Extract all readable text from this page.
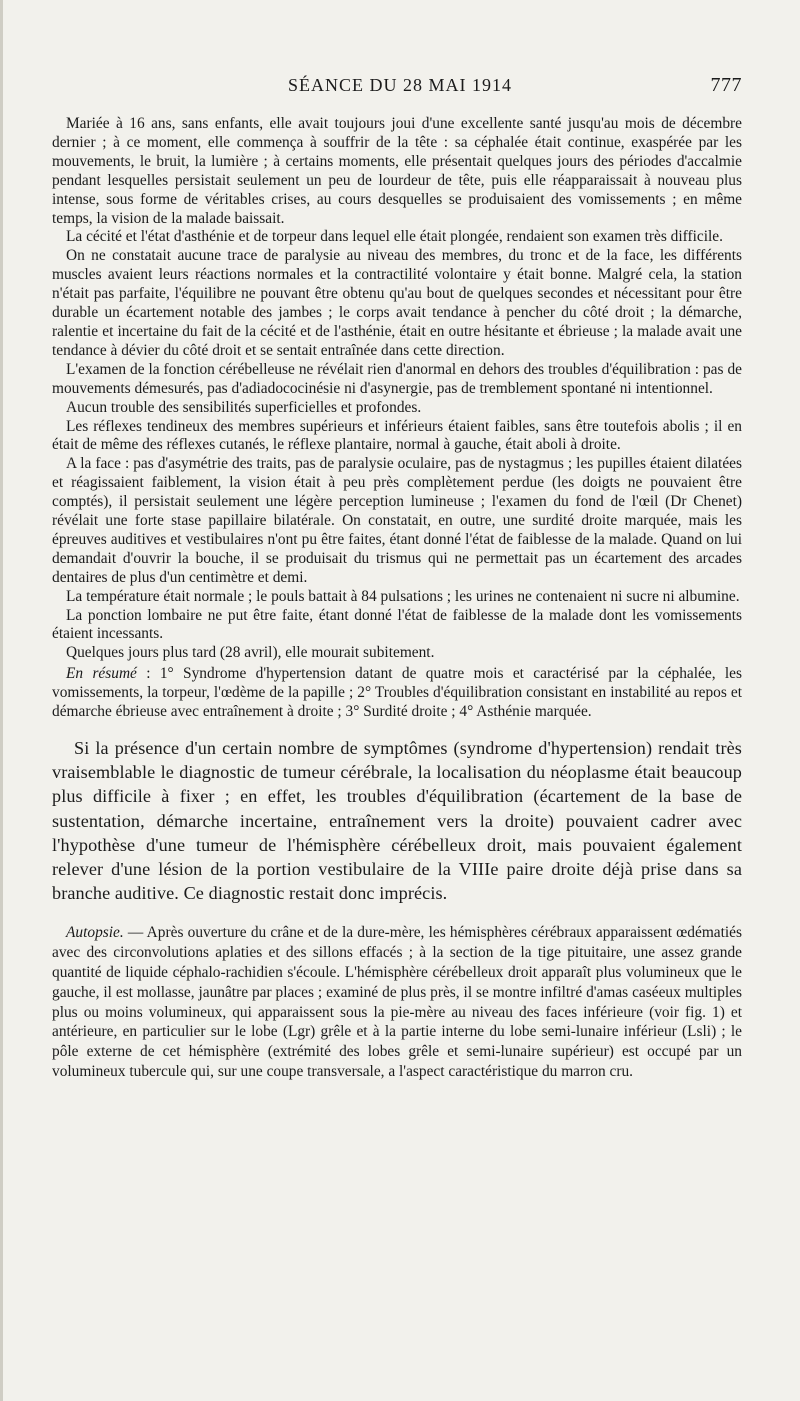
SÉANCE DU 28 MAI 1914	777

Mariée à 16 ans, sans enfants, elle avait toujours joui d'une excellente santé jusqu'au mois de décembre dernier ; à ce moment, elle commença à souffrir de la tête : sa céphalée était continue, exaspérée par les mouvements, le bruit, la lumière ; à certains moments, elle présentait quelques jours des périodes d'accalmie pendant lesquelles persistait seulement un peu de lourdeur de tête, puis elle réapparaissait à nouveau plus intense, sous forme de véritables crises, au cours desquelles se produisaient des vomissements ; en même temps, la vision de la malade baissait.

La cécité et l'état d'asthénie et de torpeur dans lequel elle était plongée, rendaient son examen très difficile.

On ne constatait aucune trace de paralysie au niveau des membres, du tronc et de la face, les différents muscles avaient leurs réactions normales et la contractilité volontaire y était bonne. Malgré cela, la station n'était pas parfaite, l'équilibre ne pouvant être obtenu qu'au bout de quelques secondes et nécessitant pour être durable un écartement notable des jambes ; le corps avait tendance à pencher du côté droit ; la démarche, ralentie et incertaine du fait de la cécité et de l'asthénie, était en outre hésitante et ébrieuse ; la malade avait une tendance à dévier du côté droit et se sentait entraînée dans cette direction.

L'examen de la fonction cérébelleuse ne révélait rien d'anormal en dehors des troubles d'équilibration : pas de mouvements démesurés, pas d'adiadococinésie ni d'asynergie, pas de tremblement spontané ni intentionnel.

Aucun trouble des sensibilités superficielles et profondes.

Les réflexes tendineux des membres supérieurs et inférieurs étaient faibles, sans être toutefois abolis ; il en était de même des réflexes cutanés, le réflexe plantaire, normal à gauche, était aboli à droite.

A la face : pas d'asymétrie des traits, pas de paralysie oculaire, pas de nystagmus ; les pupilles étaient dilatées et réagissaient faiblement, la vision était à peu près complètement perdue (les doigts ne pouvaient être comptés), il persistait seulement une légère perception lumineuse ; l'examen du fond de l'œil (Dr Chenet) révélait une forte stase papillaire bilatérale. On constatait, en outre, une surdité droite marquée, mais les épreuves auditives et vestibulaires n'ont pu être faites, étant donné l'état de faiblesse de la malade. Quand on lui demandait d'ouvrir la bouche, il se produisait du trismus qui ne permettait pas un écartement des arcades dentaires de plus d'un centimètre et demi.

La température était normale ; le pouls battait à 84 pulsations ; les urines ne contenaient ni sucre ni albumine.

La ponction lombaire ne put être faite, étant donné l'état de faiblesse de la malade dont les vomissements étaient incessants.

Quelques jours plus tard (28 avril), elle mourait subitement.

En résumé : 1° Syndrome d'hypertension datant de quatre mois et caractérisé par la céphalée, les vomissements, la torpeur, l'œdème de la papille ; 2° Troubles d'équilibration consistant en instabilité au repos et démarche ébrieuse avec entraînement à droite ; 3° Surdité droite ; 4° Asthénie marquée.

Si la présence d'un certain nombre de symptômes (syndrome d'hypertension) rendait très vraisemblable le diagnostic de tumeur cérébrale, la localisation du néoplasme était beaucoup plus difficile à fixer ; en effet, les troubles d'équilibration (écartement de la base de sustentation, démarche incertaine, entraînement vers la droite) pouvaient cadrer avec l'hypothèse d'une tumeur de l'hémisphère cérébelleux droit, mais pouvaient également relever d'une lésion de la portion vestibulaire de la VIIIe paire droite déjà prise dans sa branche auditive. Ce diagnostic restait donc imprécis.

Autopsie. — Après ouverture du crâne et de la dure-mère, les hémisphères cérébraux apparaissent œdématiés avec des circonvolutions aplaties et des sillons effacés ; à la section de la tige pituitaire, une assez grande quantité de liquide céphalo-rachidien s'écoule. L'hémisphère cérébelleux droit apparaît plus volumineux que le gauche, il est mollasse, jaunâtre par places ; examiné de plus près, il se montre infiltré d'amas caséeux multiples plus ou moins volumineux, qui apparaissent sous la pie-mère au niveau des faces inférieure (voir fig. 1) et antérieure, en particulier sur le lobe (Lgr) grêle et à la partie interne du lobe semi-lunaire inférieur (Lsli) ; le pôle externe de cet hémisphère (extrémité des lobes grêle et semi-lunaire supérieur) est occupé par un volumineux tubercule qui, sur une coupe transversale, a l'aspect caractéristique du marron cru.
